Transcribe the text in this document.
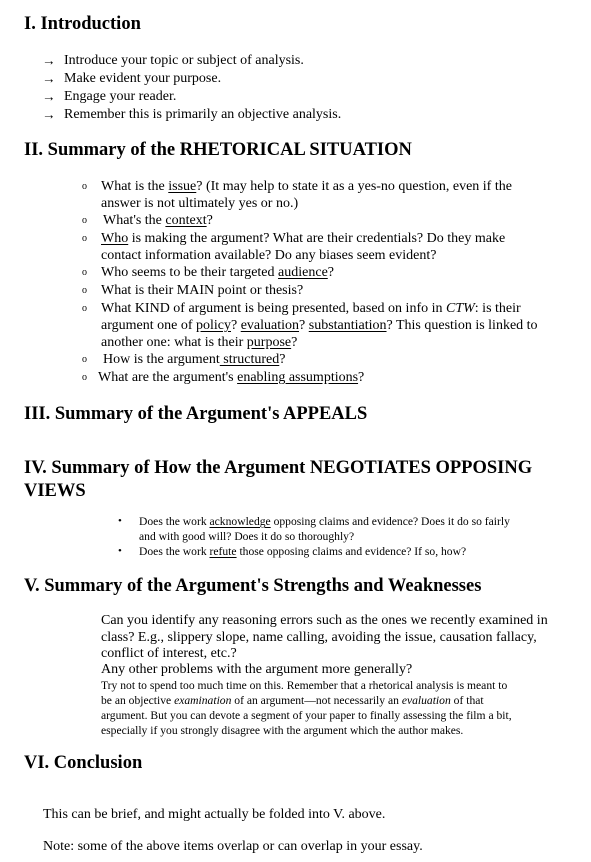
I. Introduction
→ Introduce your topic or subject of analysis.

→ Make evident your purpose.

→ Engage your reader.

→ Remember this is primarily an objective analysis.

II. Summary of the RHETORICAL SITUATION
o What is the issue? (It may help to state it as a yes-no question, even if the

answer is not ultimately yes or no.)

o What's the context?

o Who is making the argument? What are their credentials? Do they make

contact information available? Do any biases seem evident?

o Who seems to be their targeted audience?

o What is their MAIN point or thesis?

o What KIND of argument is being presented, based on info in CTW: is their

argument one of policy? evaluation? substantiation? This question is linked to

another one: what is their purpose?

o How is the argument structured?

o What are the argument's enabling assumptions?

III. Summary of the Argument's APPEALS
IV. Summary of How the Argument NEGOTIATES OPPOSING
VIEWS
• Does the work acknowledge opposing claims and evidence? Does it do so fairly

and with good will? Does it do so thoroughly?

• Does the work refute those opposing claims and evidence? If so, how?

V. Summary of the Argument's Strengths and Weaknesses

Can you identify any reasoning errors such as the ones we recently examined in

class? E.g., slippery slope, name calling, avoiding the issue, causation fallacy,

conflict of interest, etc.?

Any other problems with the argument more generally?

Try not to spend too much time on this. Remember that a rhetorical analysis is meant to

be an objective examination of an argument—not necessarily an evaluation of that

argument. But you can devote a segment of your paper to finally assessing the film a bit,

especially if you strongly disagree with the argument which the author makes.

VI. Conclusion

This can be brief, and might actually be folded into V. above.

Note: some of the above items overlap or can overlap in your essay.
